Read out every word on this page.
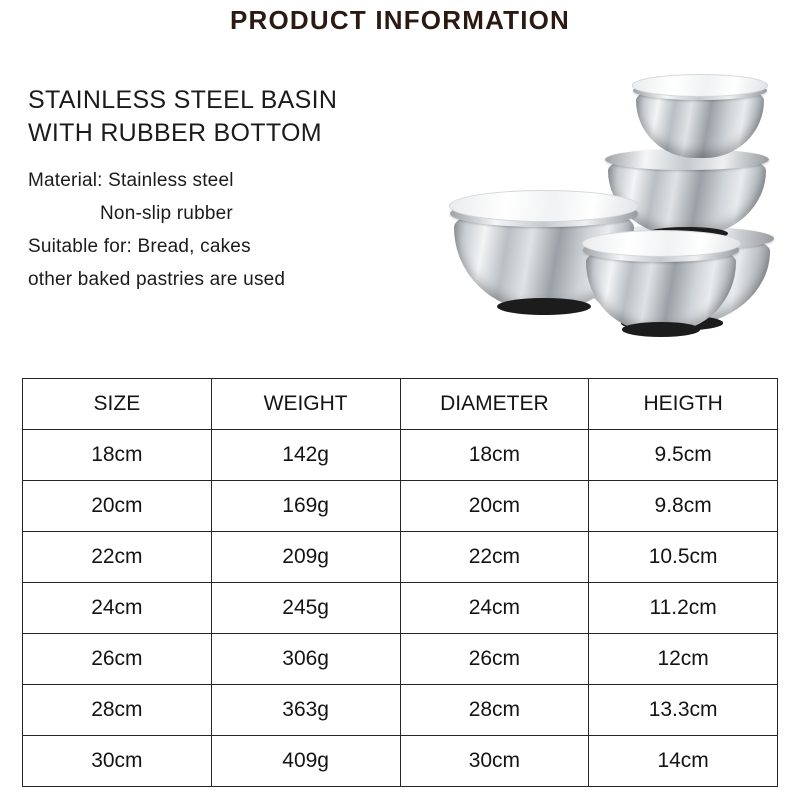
PRODUCT INFORMATION
STAINLESS STEEL BASIN
WITH RUBBER BOTTOM
Material: Stainless steel
Non-slip rubber
Suitable for: Bread, cakes
other baked pastries are used
SIZE	WEIGHT	DIAMETER	HEIGTH
18cm	142g	18cm	9.5cm
20cm	169g	20cm	9.8cm
22cm	209g	22cm	10.5cm
24cm	245g	24cm	11.2cm
26cm	306g	26cm	12cm
28cm	363g	28cm	13.3cm
30cm	409g	30cm	14cm
